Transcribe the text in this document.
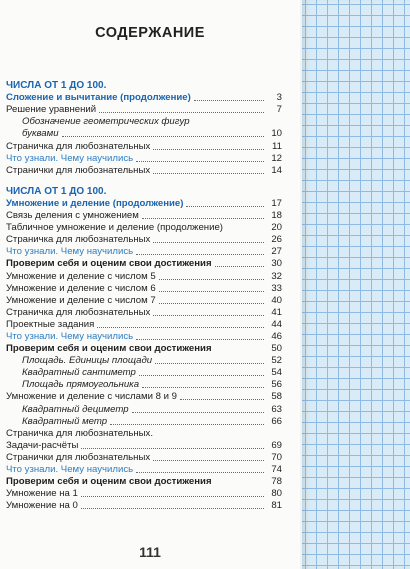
СОДЕРЖАНИЕ
ЧИСЛА ОТ 1 ДО 100.
Сложение и вычитание (продолжение)	3
Решение уравнений	7
Обозначение геометрических фигур
буквами	10
Страничка для любознательных	11
Что узнали. Чему научились	12
Странички для любознательных	14
ЧИСЛА ОТ 1 ДО 100.
Умножение и деление (продолжение)	17
Связь деления с умножением	18
Табличное умножение и деление (продолжение)	20
Страничка для любознательных	26
Что узнали. Чему научились	27
Проверим себя и оценим свои достижения	30
Умножение и деление с числом 5	32
Умножение и деление с числом 6	33
Умножение и деление с числом 7	40
Страничка для любознательных	41
Проектные задания	44
Что узнали. Чему научились	46
Проверим себя и оценим свои достижения	50
Площадь. Единицы площади	52
Квадратный сантиметр	54
Площадь прямоугольника	56
Умножение и деление с числами 8 и 9	58
Квадратный дециметр	63
Квадратный метр	66
Страничка для любознательных.
Задачи-расчёты	69
Странички для любознательных	70
Что узнали. Чему научились	74
Проверим себя и оценим свои достижения	78
Умножение на 1	80
Умножение на 0	81
111
